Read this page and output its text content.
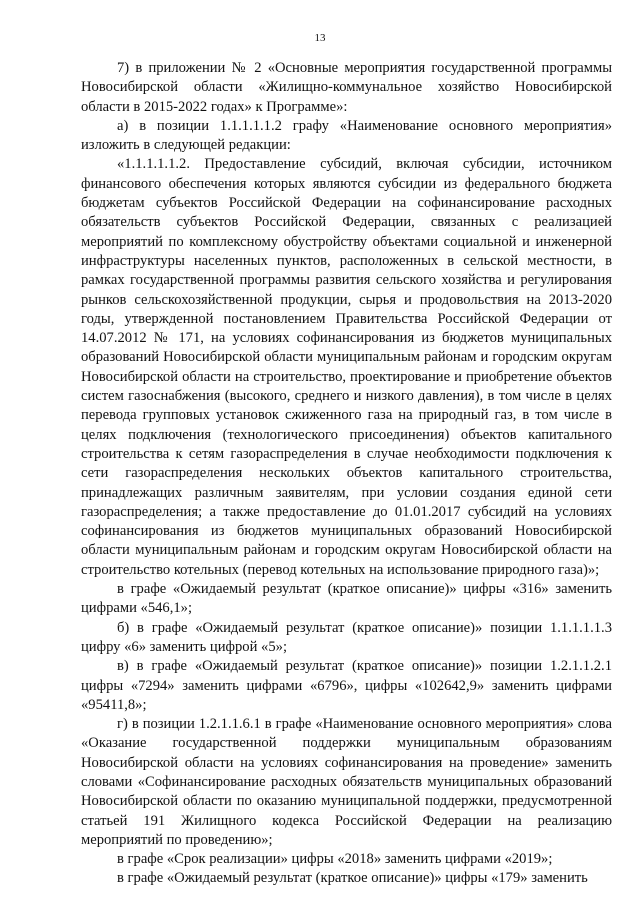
13

7) в приложении № 2 «Основные мероприятия государственной программы Новосибирской области «Жилищно-коммунальное хозяйство Новосибирской области в 2015-2022 годах» к Программе»:

а) в позиции 1.1.1.1.1.2 графу «Наименование основного мероприятия» изложить в следующей редакции:

«1.1.1.1.1.2. Предоставление субсидий, включая субсидии, источником финансового обеспечения которых являются субсидии из федерального бюджета бюджетам субъектов Российской Федерации на софинансирование расходных обязательств субъектов Российской Федерации, связанных с реализацией мероприятий по комплексному обустройству объектами социальной и инженерной инфраструктуры населенных пунктов, расположенных в сельской местности, в рамках государственной программы развития сельского хозяйства и регулирования рынков сельскохозяйственной продукции, сырья и продовольствия на 2013-2020 годы, утвержденной постановлением Правительства Российской Федерации от 14.07.2012 № 171, на условиях софинансирования из бюджетов муниципальных образований Новосибирской области муниципальным районам и городским округам Новосибирской области на строительство, проектирование и приобретение объектов систем газоснабжения (высокого, среднего и низкого давления), в том числе в целях перевода групповых установок сжиженного газа на природный газ, в том числе в целях подключения (технологического присоединения) объектов капитального строительства к сетям газораспределения в случае необходимости подключения к сети газораспределения нескольких объектов капитального строительства, принадлежащих различным заявителям, при условии создания единой сети газораспределения; а также предоставление до 01.01.2017 субсидий на условиях софинансирования из бюджетов муниципальных образований Новосибирской области муниципальным районам и городским округам Новосибирской области на строительство котельных (перевод котельных на использование природного газа)»;

в графе «Ожидаемый результат (краткое описание)» цифры «316» заменить цифрами «546,1»;

б) в графе «Ожидаемый результат (краткое описание)» позиции 1.1.1.1.1.3 цифру «6» заменить цифрой «5»;

в) в графе «Ожидаемый результат (краткое описание)» позиции 1.2.1.1.2.1 цифры «7294» заменить цифрами «6796», цифры «102642,9» заменить цифрами «95411,8»;

г) в позиции 1.2.1.1.6.1 в графе «Наименование основного мероприятия» слова «Оказание государственной поддержки муниципальным образованиям Новосибирской области на условиях софинансирования на проведение» заменить словами «Софинансирование расходных обязательств муниципальных образований Новосибирской области по оказанию муниципальной поддержки, предусмотренной статьей 191 Жилищного кодекса Российской Федерации на реализацию мероприятий по проведению»;

в графе «Срок реализации» цифры «2018» заменить цифрами «2019»;

в графе «Ожидаемый результат (краткое описание)» цифры «179» заменить
